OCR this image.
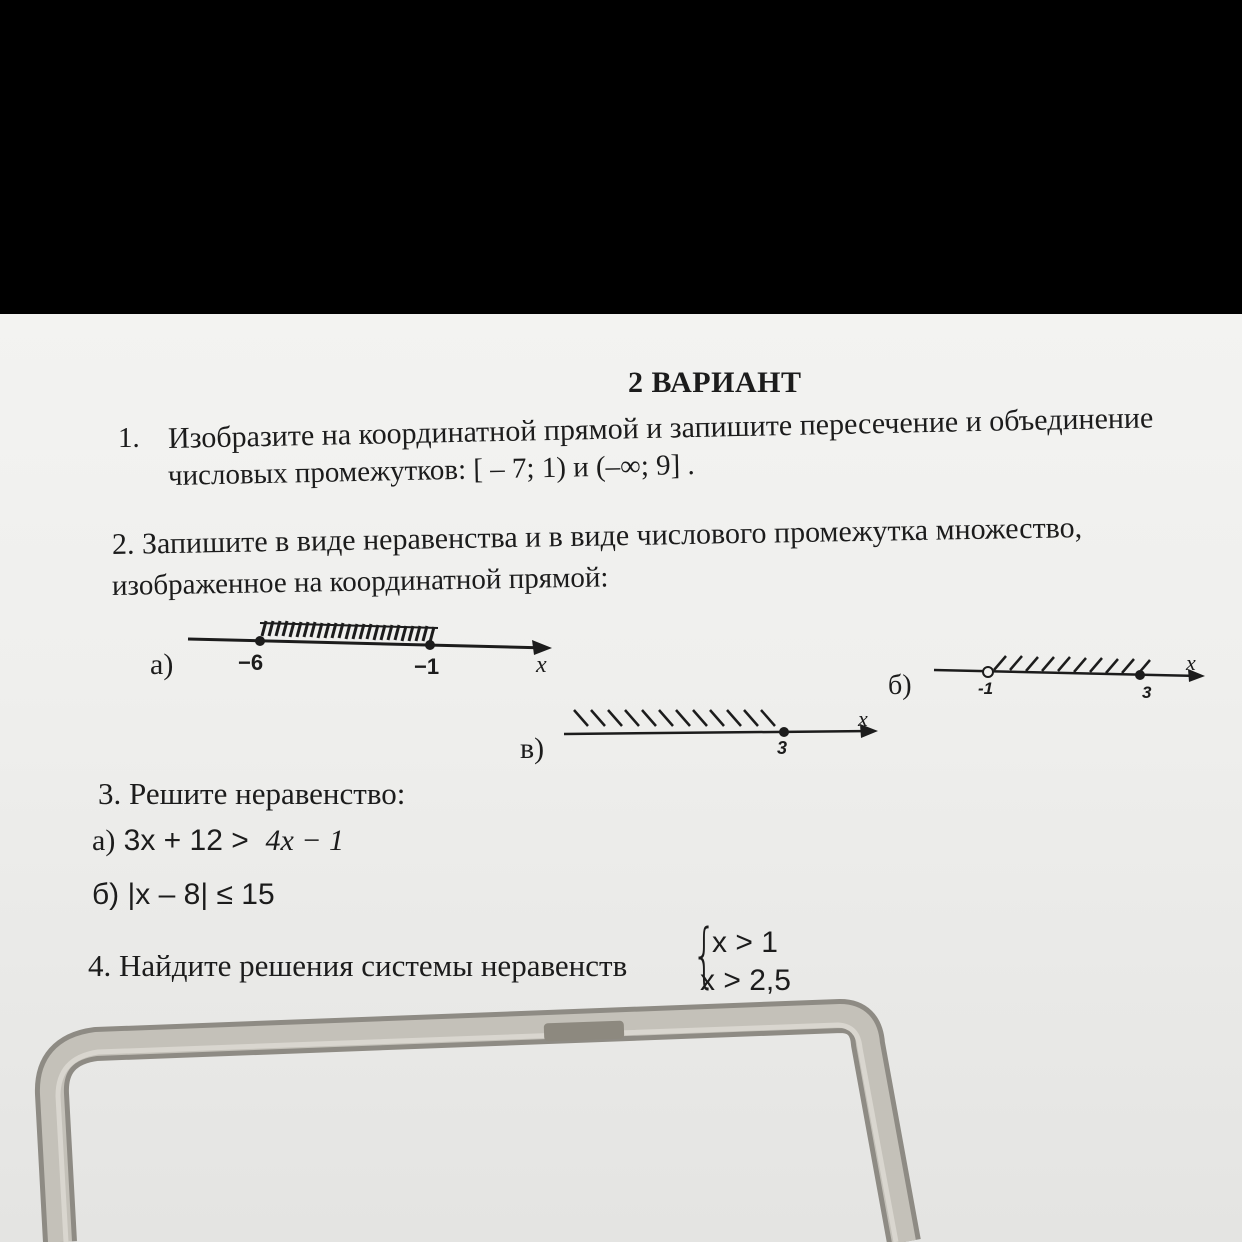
2 ВАРИАНТ
1. Изобразите на координатной прямой и запишите пересечение и объединение
числовых промежутков: [ – 7; 1) и (–∞; 9] .
2. Запишите в виде неравенства и в виде числового промежутка множество,
изображенное на координатной прямой:
а)
б)
в)
−6	−1	x
-1	3
x
3
x
3. Решите неравенство:
а) 3x + 12 > 4x − 1
б) |x – 8| ≤ 15
4. Найдите решения системы неравенств {
x > 1
x > 2,5
